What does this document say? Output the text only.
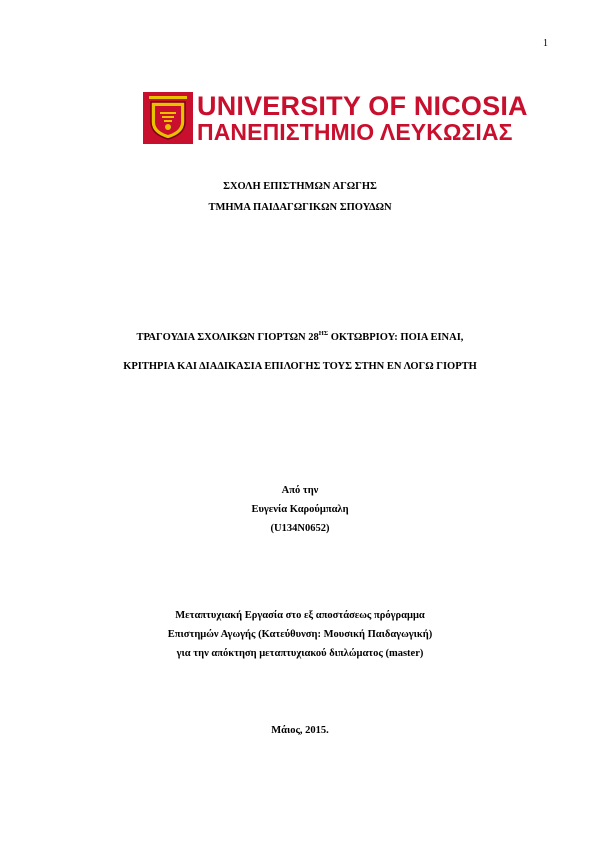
1
UNIVERSITY OF NICOSIA
ΠΑΝΕΠΙΣΤΗΜΙΟ ΛΕΥΚΩΣΙΑΣ
ΣΧΟΛΗ ΕΠΙΣΤΗΜΩΝ ΑΓΩΓΗΣ
ΤΜΗΜΑ ΠΑΙΔΑΓΩΓΙΚΩΝ ΣΠΟΥΔΩΝ
ΤΡΑΓΟΥΔΙΑ ΣΧΟΛΙΚΩΝ ΓΙΟΡΤΩΝ $28^{H\Sigma}$ ΟΚΤΩΒΡΙΟΥ: ΠΟΙΑ ΕΙΝΑΙ,
ΚΡΙΤΗΡΙΑ ΚΑΙ ΔΙΑΔΙΚΑΣΙΑ ΕΠΙΛΟΓΗΣ ΤΟΥΣ ΣΤΗΝ ΕΝ ΛΟΓΩ ΓΙΟΡΤΗ
Από την
Ευγενία Καρούμπαλη
(U134N0652)
Μεταπτυχιακή Εργασία στο εξ αποστάσεως πρόγραμμα
Επιστημών Αγωγής (Κατεύθυνση: Μουσική Παιδαγωγική)
για την απόκτηση μεταπτυχιακού διπλώματος (master)
Μάιος, 2015.
